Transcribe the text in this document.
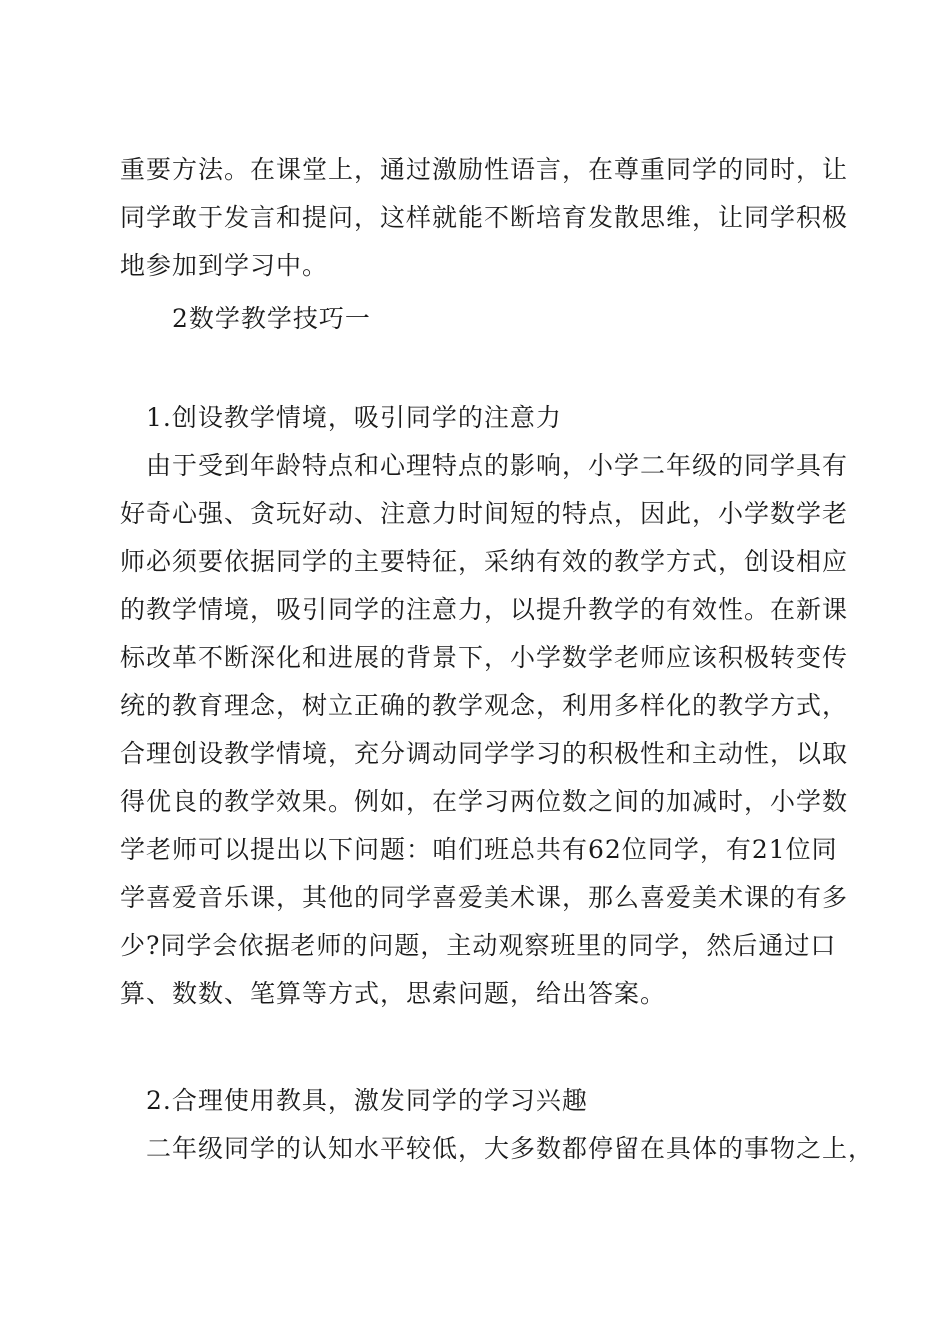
重要方法。在课堂上，通过激励性语言，在尊重同学的同时，让
同学敢于发言和提问，这样就能不断培育发散思维，让同学积极
地参加到学习中。
2数学教学技巧一
1.创设教学情境，吸引同学的注意力
由于受到年龄特点和心理特点的影响，小学二年级的同学具有
好奇心强、贪玩好动、注意力时间短的特点，因此，小学数学老
师必须要依据同学的主要特征，采纳有效的教学方式，创设相应
的教学情境，吸引同学的注意力，以提升教学的有效性。在新课
标改革不断深化和进展的背景下，小学数学老师应该积极转变传
统的教育理念，树立正确的教学观念，利用多样化的教学方式，
合理创设教学情境，充分调动同学学习的积极性和主动性，以取
得优良的教学效果。例如，在学习两位数之间的加减时，小学数
学老师可以提出以下问题：咱们班总共有62位同学，有21位同
学喜爱音乐课，其他的同学喜爱美术课，那么喜爱美术课的有多
少?同学会依据老师的问题，主动观察班里的同学，然后通过口
算、数数、笔算等方式，思索问题，给出答案。
2.合理使用教具，激发同学的学习兴趣
二年级同学的认知水平较低，大多数都停留在具体的事物之上，
